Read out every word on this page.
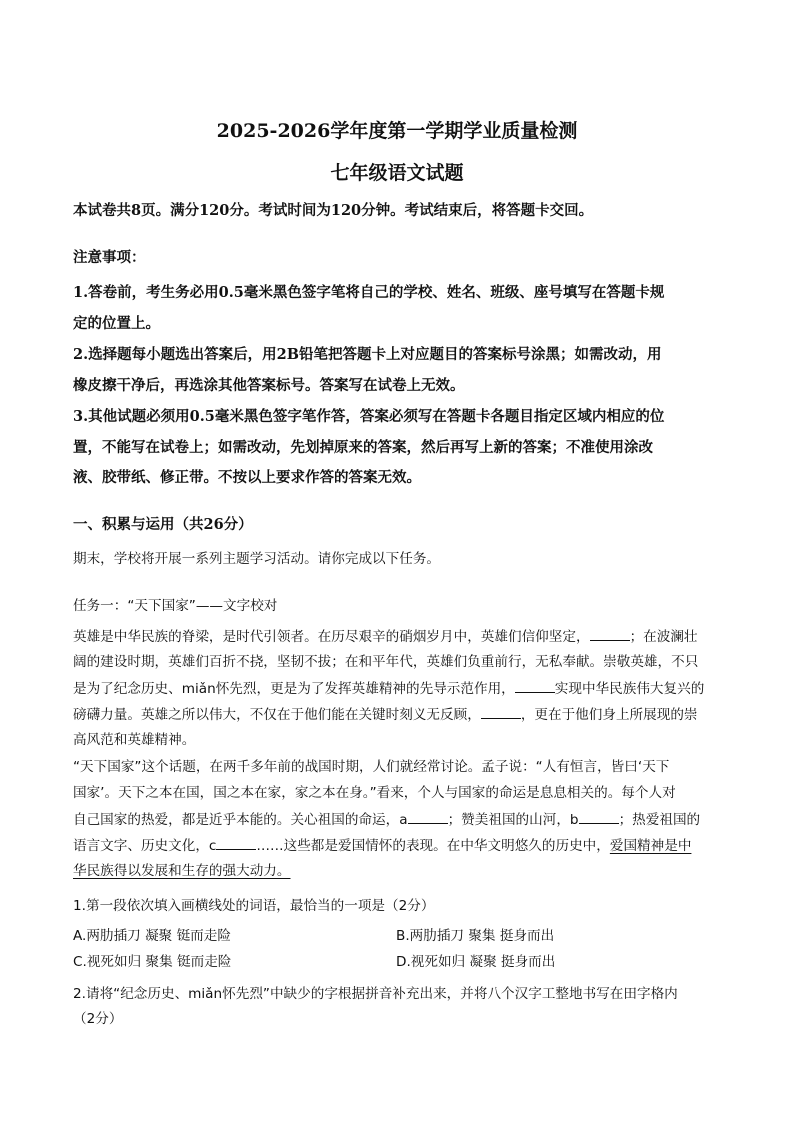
2025-2026学年度第一学期学业质量检测
七年级语文试题
本试卷共8页。满分120分。考试时间为120分钟。考试结束后，将答题卡交回。
注意事项：
1.答卷前，考生务必用0.5毫米黑色签字笔将自己的学校、姓名、班级、座号填写在答题卡规
定的位置上。
2.选择题每小题选出答案后，用2B铅笔把答题卡上对应题目的答案标号涂黑；如需改动，用
橡皮擦干净后，再选涂其他答案标号。答案写在试卷上无效。
3.其他试题必须用0.5毫米黑色签字笔作答，答案必须写在答题卡各题目指定区域内相应的位
置，不能写在试卷上；如需改动，先划掉原来的答案，然后再写上新的答案；不准使用涂改
液、胶带纸、修正带。不按以上要求作答的答案无效。
一、积累与运用（共26分）
期末，学校将开展一系列主题学习活动。请你完成以下任务。
任务一：“天下国家”——文字校对
英雄是中华民族的脊梁，是时代引领者。在历尽艰辛的硝烟岁月中，英雄们信仰坚定，	；在波澜壮
阔的建设时期，英雄们百折不挠，坚韧不拔；在和平年代，英雄们负重前行，无私奉献。崇敬英雄，不只
是为了纪念历史、miǎn怀先烈，更是为了发挥英雄精神的先导示范作用，	实现中华民族伟大复兴的
磅礴力量。英雄之所以伟大，不仅在于他们能在关键时刻义无反顾，	，更在于他们身上所展现的崇
高风范和英雄精神。
“天下国家”这个话题，在两千多年前的战国时期，人们就经常讨论。孟子说：“人有恒言，皆曰‘天下
国家’。天下之本在国，国之本在家，家之本在身。”看来，个人与国家的命运是息息相关的。每个人对
自己国家的热爱，都是近乎本能的。关心祖国的命运，a	；赞美祖国的山河，b	；热爱祖国的
语言文字、历史文化，c	……这些都是爱国情怀的表现。在中华文明悠久的历史中，爱国精神是中
华民族得以发展和生存的强大动力。
1.第一段依次填入画横线处的词语，最恰当的一项是（2分）
A.两肋插刀 凝聚 铤而走险	B.两肋插刀 聚集 挺身而出
C.视死如归 聚集 铤而走险	D.视死如归 凝聚 挺身而出
2.请将“纪念历史、miǎn怀先烈”中缺少的字根据拼音补充出来，并将八个汉字工整地书写在田字格内
（2分）
